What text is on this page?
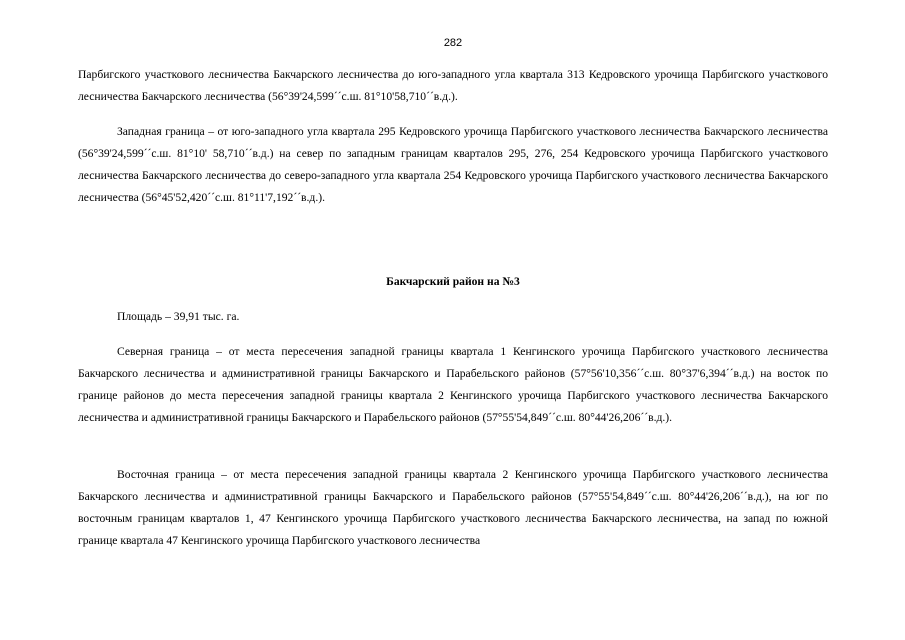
282

Парбигского участкового лесничества Бакчарского лесничества до юго-западного угла квартала 313 Кедровского урочища Парбигского участкового лесничества Бакчарского лесничества (56°39'24,599´´с.ш. 81°10'58,710´´в.д.).

Западная граница – от юго-западного угла квартала 295 Кедровского урочища Парбигского участкового лесничества Бакчарского лесничества (56°39'24,599´´с.ш. 81°10' 58,710´´в.д.) на север по западным границам кварталов 295, 276, 254 Кедровского урочища Парбигского участкового лесничества Бакчарского лесничества до северо-западного угла квартала 254 Кедровского урочища Парбигского участкового лесничества Бакчарского лесничества (56°45'52,420´´с.ш. 81°11'7,192´´в.д.).

Бакчарский район на №3

Площадь – 39,91 тыс. га.

Северная граница – от места пересечения западной границы квартала 1 Кенгинского урочища Парбигского участкового лесничества Бакчарского лесничества и административной границы Бакчарского и Парабельского районов (57°56'10,356´´с.ш. 80°37'6,394´´в.д.) на восток по границе районов до места пересечения западной границы квартала 2 Кенгинского урочища Парбигского участкового лесничества Бакчарского лесничества и административной границы Бакчарского и Парабельского районов (57°55'54,849´´с.ш. 80°44'26,206´´в.д.).

Восточная граница – от места пересечения западной границы квартала 2 Кенгинского урочища Парбигского участкового лесничества Бакчарского лесничества и административной границы Бакчарского и Парабельского районов (57°55'54,849´´с.ш. 80°44'26,206´´в.д.), на юг по восточным границам кварталов 1, 47 Кенгинского урочища Парбигского участкового лесничества Бакчарского лесничества, на запад по южной границе квартала 47 Кенгинского урочища Парбигского участкового лесничества
